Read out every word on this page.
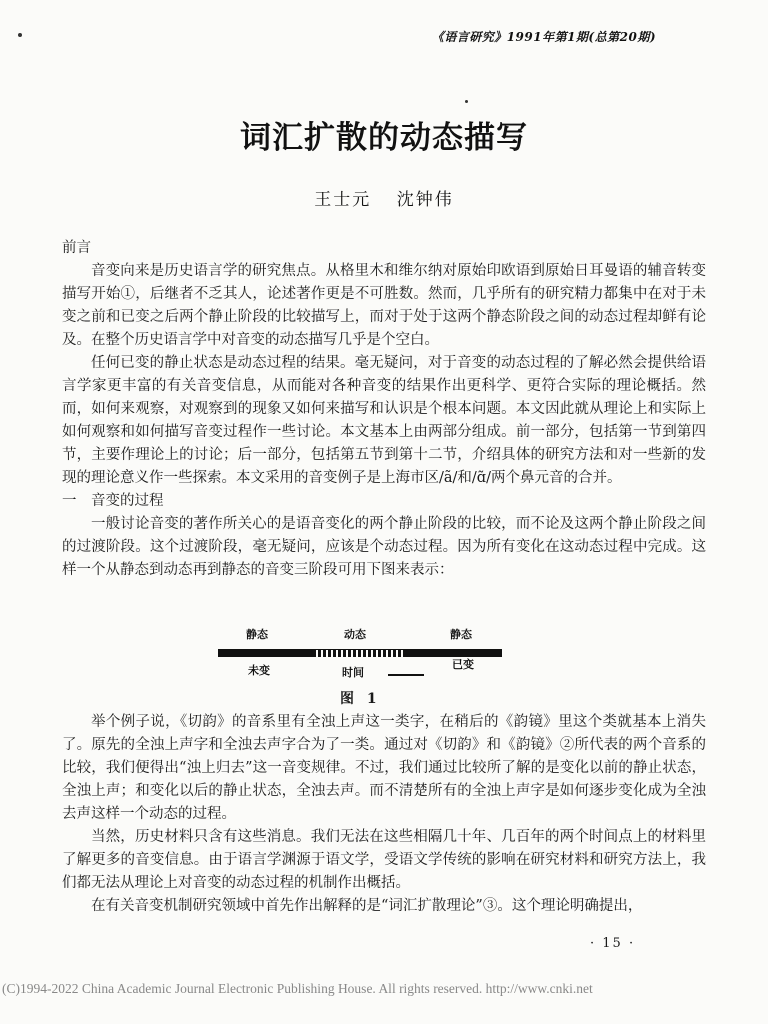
《语言研究》1991年第1期(总第20期)
词汇扩散的动态描写
王士元 沈钟伟

前言

音变向来是历史语言学的研究焦点。从格里木和维尔纳对原始印欧语到原始日耳曼语的辅音转变描写开始①，后继者不乏其人，论述著作更是不可胜数。然而，几乎所有的研究精力都集中在对于未变之前和已变之后两个静止阶段的比较描写上，而对于处于这两个静态阶段之间的动态过程却鲜有论及。在整个历史语言学中对音变的动态描写几乎是个空白。

任何已变的静止状态是动态过程的结果。毫无疑问，对于音变的动态过程的了解必然会提供给语言学家更丰富的有关音变信息，从而能对各种音变的结果作出更科学、更符合实际的理论概括。然而，如何来观察，对观察到的现象又如何来描写和认识是个根本问题。本文因此就从理论上和实际上如何观察和如何描写音变过程作一些讨论。本文基本上由两部分组成。前一部分，包括第一节到第四节，主要作理论上的讨论；后一部分，包括第五节到第十二节，介绍具体的研究方法和对一些新的发现的理论意义作一些探索。本文采用的音变例子是上海市区/ã/和/ɑ̃/两个鼻元音的合并。

一　音变的过程

一般讨论音变的著作所关心的是语音变化的两个静止阶段的比较，而不论及这两个静止阶段之间的过渡阶段。这个过渡阶段，毫无疑问，应该是个动态过程。因为所有变化在这动态过程中完成。这样一个从静态到动态再到静态的音变三阶段可用下图来表示：

静态	动态	静态
未变	时间
已变
图 1

举个例子说，《切韵》的音系里有全浊上声这一类字，在稍后的《韵镜》里这个类就基本上消失了。原先的全浊上声字和全浊去声字合为了一类。通过对《切韵》和《韵镜》②所代表的两个音系的比较，我们便得出“浊上归去”这一音变规律。不过，我们通过比较所了解的是变化以前的静止状态，全浊上声；和变化以后的静止状态，全浊去声。而不清楚所有的全浊上声字是如何逐步变化成为全浊去声这样一个动态的过程。

当然，历史材料只含有这些消息。我们无法在这些相隔几十年、几百年的两个时间点上的材料里了解更多的音变信息。由于语言学渊源于语文学，受语文学传统的影响在研究材料和研究方法上，我们都无法从理论上对音变的动态过程的机制作出概括。

在有关音变机制研究领域中首先作出解释的是“词汇扩散理论”③。这个理论明确提出，

· 15 ·
(C)1994-2022 China Academic Journal Electronic Publishing House. All rights reserved. http://www.cnki.net
